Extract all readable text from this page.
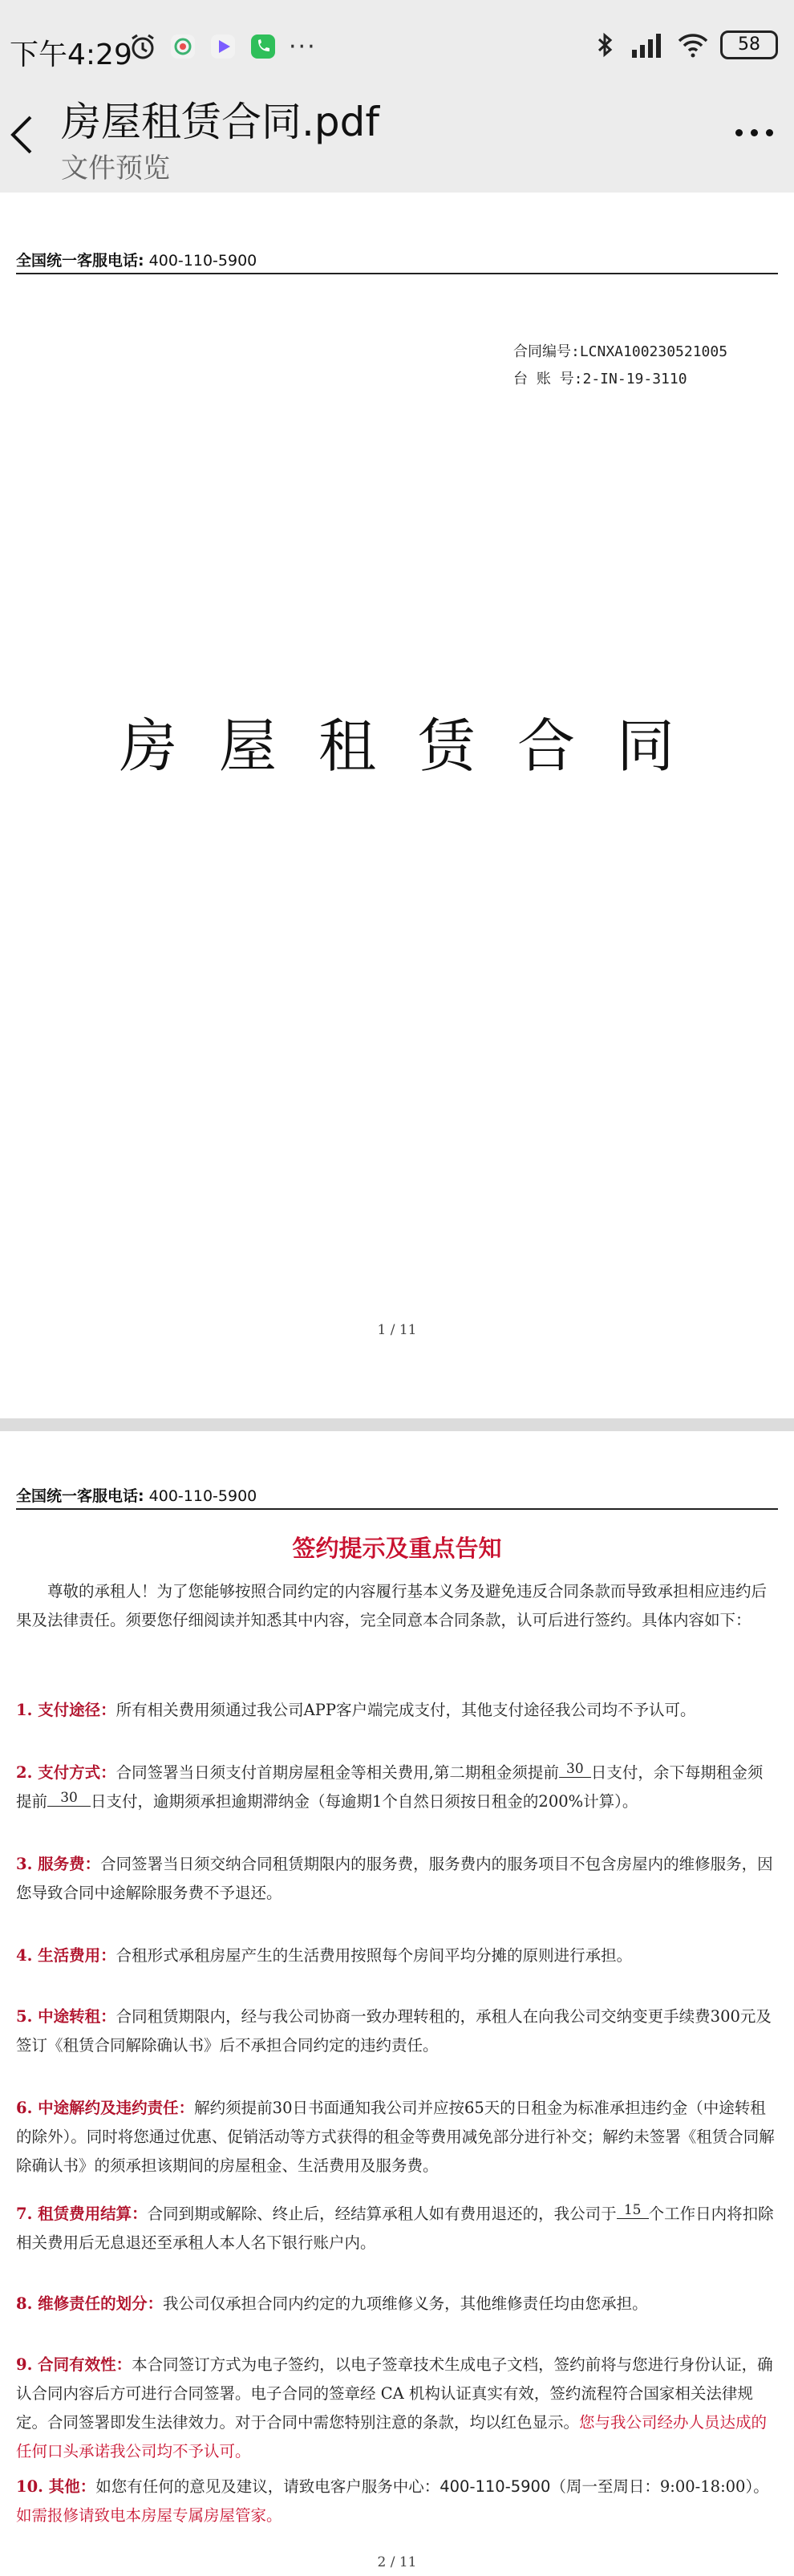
下午4:29	···	58
房屋租赁合同.pdf
文件预览
全国统一客服电话: 400-110-5900
合同编号:LCNXA100230521005
台 账 号:2-IN-19-3110
房屋租赁合同
1 / 11
全国统一客服电话: 400-110-5900
签约提示及重点告知
尊敬的承租人！为了您能够按照合同约定的内容履行基本义务及避免违反合同条款而导致承担相应违约后果及法律责任。须要您仔细阅读并知悉其中内容，完全同意本合同条款，认可后进行签约。具体内容如下：
1. 支付途径：所有相关费用须通过我公司APP客户端完成支付，其他支付途径我公司均不予认可。
2. 支付方式：合同签署当日须支付首期房屋租金等相关费用,第二期租金须提前 30 日支付，余下每期租金须提前 30 日支付，逾期须承担逾期滞纳金（每逾期1个自然日须按日租金的200%计算）。
3. 服务费：合同签署当日须交纳合同租赁期限内的服务费，服务费内的服务项目不包含房屋内的维修服务，因您导致合同中途解除服务费不予退还。
4. 生活费用：合租形式承租房屋产生的生活费用按照每个房间平均分摊的原则进行承担。
5. 中途转租：合同租赁期限内，经与我公司协商一致办理转租的，承租人在向我公司交纳变更手续费300元及签订《租赁合同解除确认书》后不承担合同约定的违约责任。
6. 中途解约及违约责任：解约须提前30日书面通知我公司并应按65天的日租金为标准承担违约金（中途转租的除外）。同时将您通过优惠、促销活动等方式获得的租金等费用减免部分进行补交；解约未签署《租赁合同解除确认书》的须承担该期间的房屋租金、生活费用及服务费。
7. 租赁费用结算：合同到期或解除、终止后，经结算承租人如有费用退还的，我公司于 15 个工作日内将扣除相关费用后无息退还至承租人本人名下银行账户内。
8. 维修责任的划分：我公司仅承担合同内约定的九项维修义务，其他维修责任均由您承担。
9. 合同有效性：本合同签订方式为电子签约，以电子签章技术生成电子文档，签约前将与您进行身份认证，确认合同内容后方可进行合同签署。电子合同的签章经 CA 机构认证真实有效，签约流程符合国家相关法律规定。合同签署即发生法律效力。对于合同中需您特别注意的条款，均以红色显示。您与我公司经办人员达成的任何口头承诺我公司均不予认可。
10. 其他：如您有任何的意见及建议，请致电客户服务中心：400-110-5900（周一至周日：9:00-18:00）。如需报修请致电本房屋专属房屋管家。
2 / 11
